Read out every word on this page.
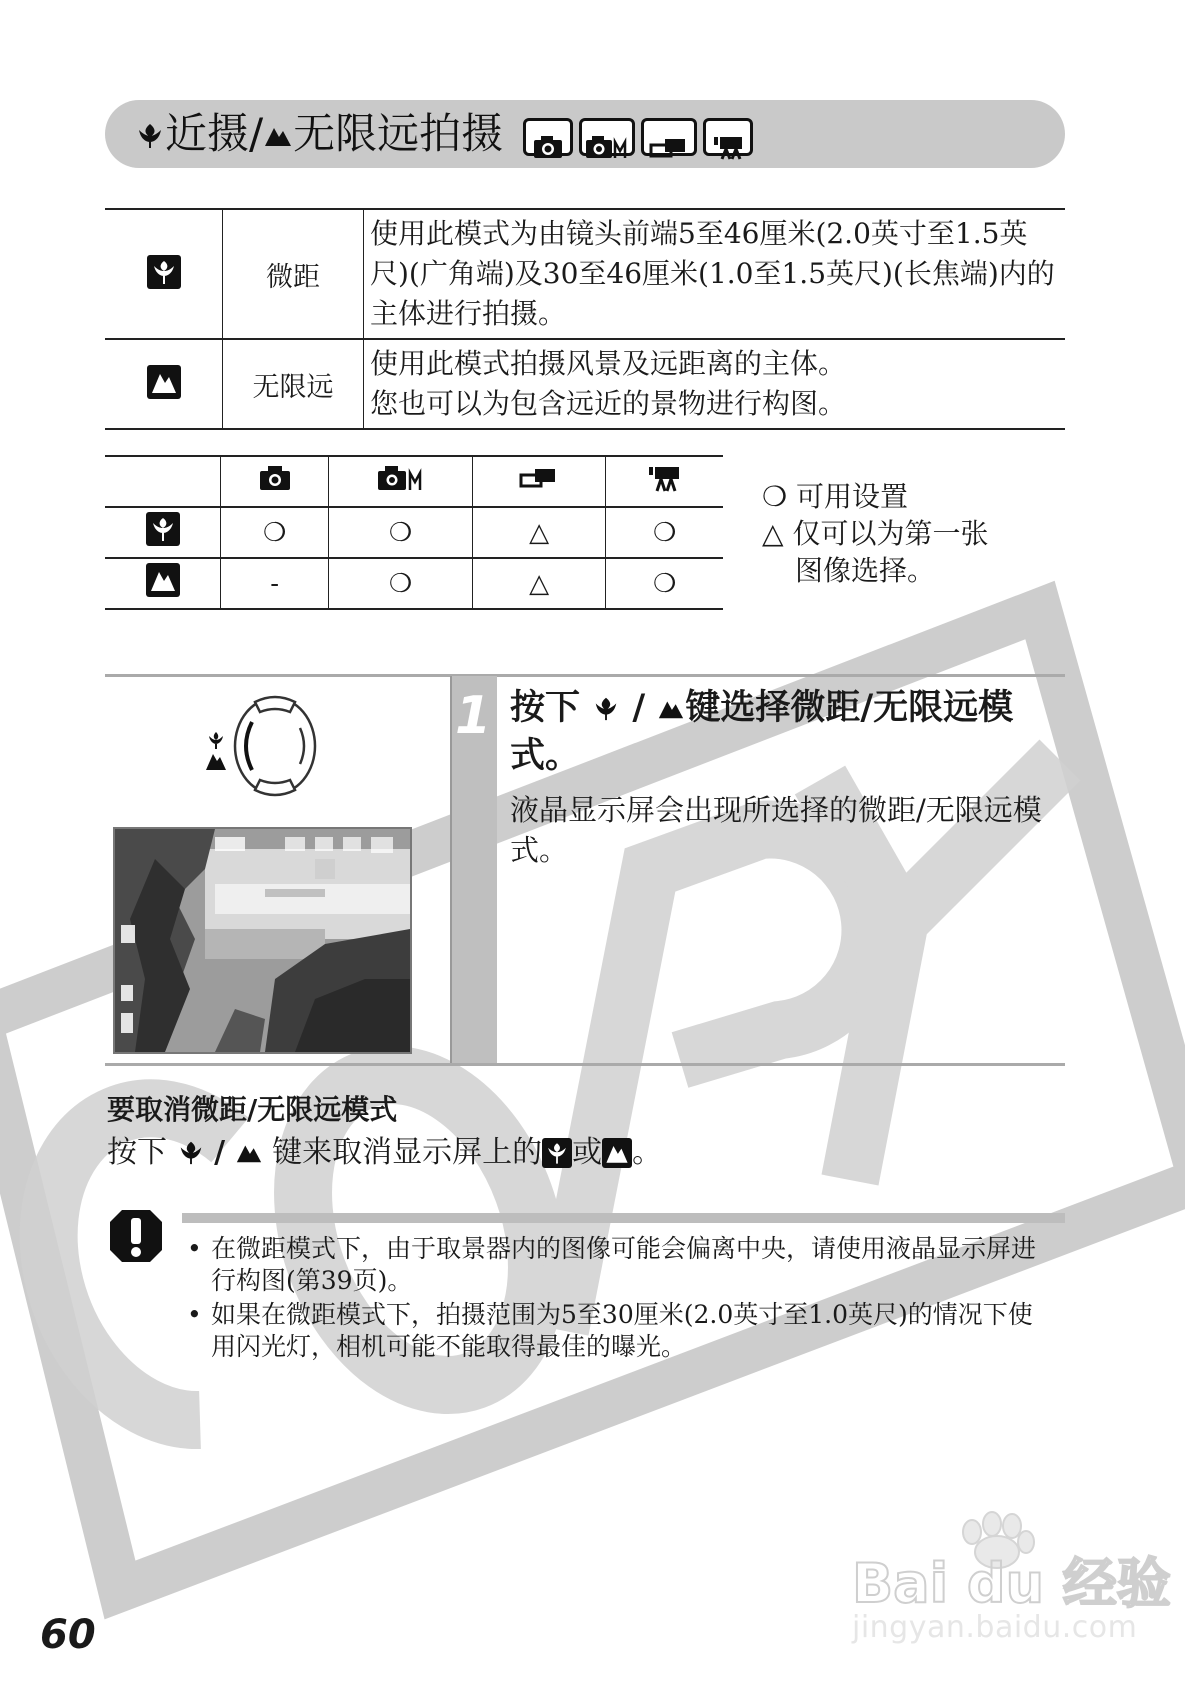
近摄/ 无限远拍摄
	微距	使用此模式为由镜头前端5至46厘米(2.0英寸至1.5英尺)(广角端)及30至46厘米(1.0至1.5英尺)(长焦端)内的主体进行拍摄。

	无限远	使用此模式拍摄风景及远距离的主体。
您也可以为包含远近的景物进行构图。

	❍	❍	△	❍

	-	❍	△	❍
❍ 可用设置
△ 仅可以为第一张
图像选择。
1 按下 / 键选择微距/无限远模式。
液晶显示屏会出现所选择的微距/无限远模式。
要取消微距/无限远模式
按下 / 键来取消显示屏上的 或 。
• 在微距模式下，由于取景器内的图像可能会偏离中央，请使用液晶显示屏进行构图(第39页)。
• 如果在微距模式下，拍摄范围为5至30厘米(2.0英寸至1.0英尺)的情况下使用闪光灯，相机可能不能取得最佳的曝光。
60
Bai du 经验
jingyan.baidu.com
